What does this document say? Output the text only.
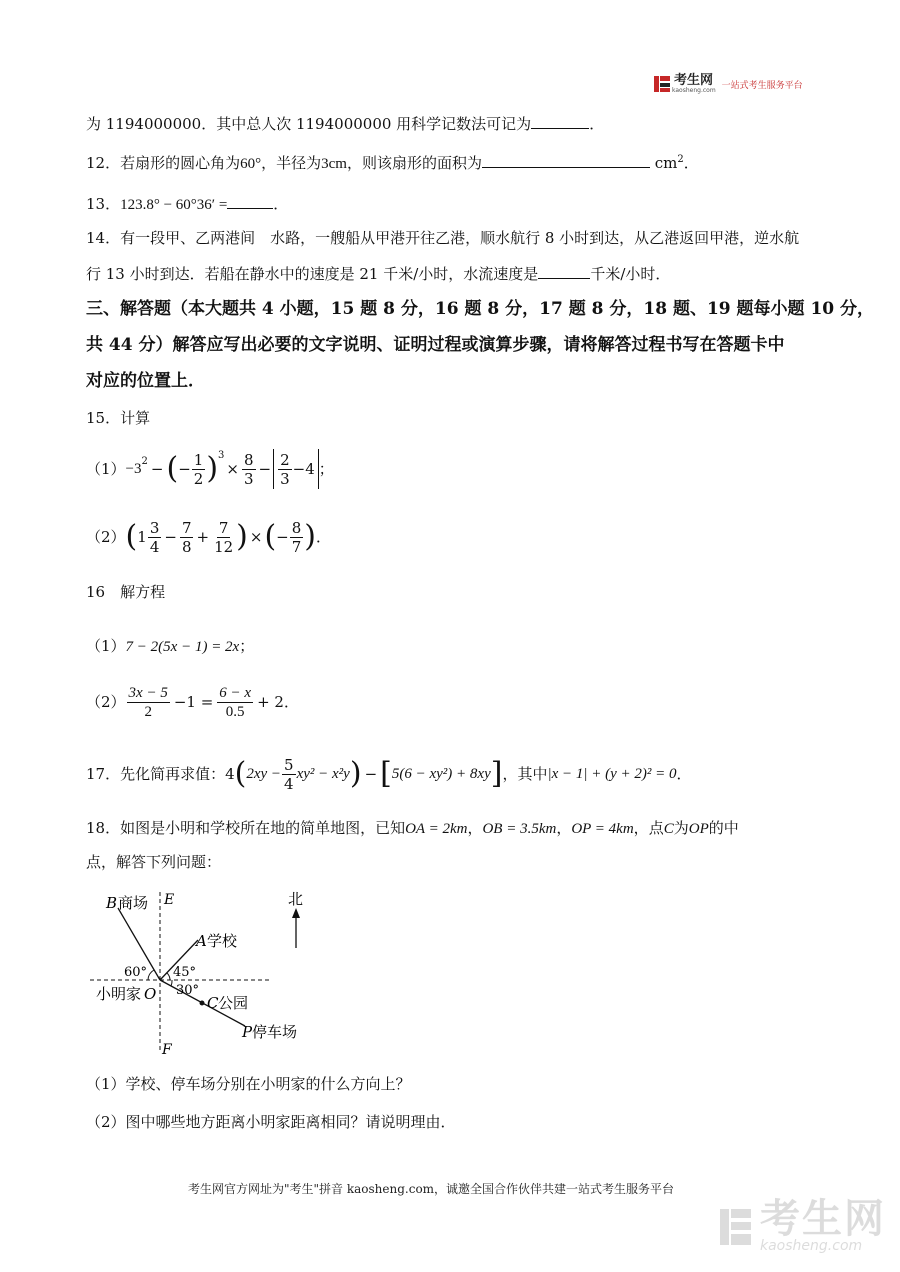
考生网
kaosheng.com 一站式考生服务平台
为 1194000000．其中总人次 1194000000 用科学记数法可记为	．
12．若扇形的圆心角为60°，半径为3cm，则该扇形的面积为	$cm^2$．
13．123.8° − 60°36′ =	．
14．有一段甲、乙两港间　水路，一艘船从甲港开往乙港，顺水航行 8 小时到达，从乙港返回甲港，逆水航
行 13 小时到达．若船在静水中的速度是 21 千米/小时，水流速度是	千米/小时．
三、解答题（本大题共 4 小题，15 题 8 分，16 题 8 分，17 题 8 分，18 题、19 题每小题 10 分，
共 44 分）解答应写出必要的文字说明、证明过程或演算步骤，请将解答过程书写在答题卡中
对应的位置上．
15．计算
$(1) -3^2$ − ( − $\frac{1}{2} )^3$
× $\frac{8}{3} - \frac{2}{3} -4$ ；
（2） ( $1 \frac{3}{4} - \frac{7}{8} + \frac{7}{12}$ ) × ( − $\frac{8}{7}$ ) ．
16　解方程
（1）7 − 2(5x − 1) = 2x；
$(2) \frac{3x - 5}{2} -1 = \frac{6 - x}{0.5} + 2$ ．
17．先化简再求值： 4 ( $2xy - \frac{5}{4} xy^2 - x^2y$ ) − [ 5(6 − xy²) + 8xy ] ，其中 |x − 1| + (y + 2)² = 0 ．
18．如图是小明和学校所在地的简单地图，已知OA = 2km，OB = 3.5km，OP = 4km，点C为OP的中
点，解答下列问题：
B 商场 E
A 学校
北
60° 45°
30°
小明家 O	C 公园
P 停车场
F
（1）学校、停车场分别在小明家的什么方向上？
（2）图中哪些地方距离小明家距离相同？请说明理由．
考生网官方网址为"考生"拼音 kaosheng.com，诚邀全国合作伙伴共建一站式考生服务平台
考生网
kaosheng.com
